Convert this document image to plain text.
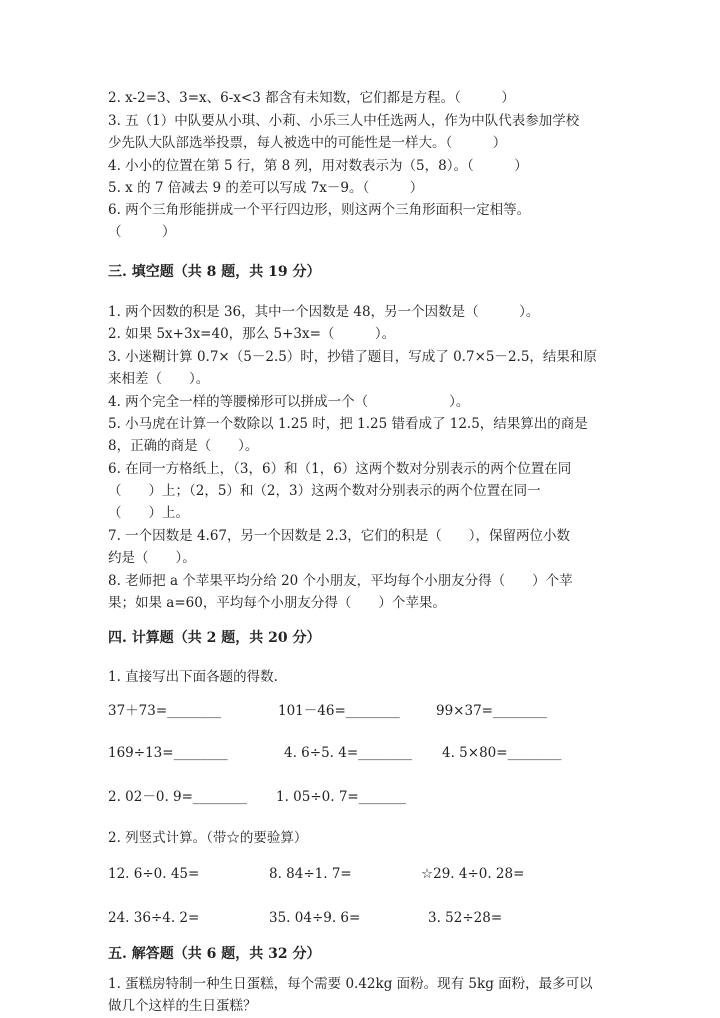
2. x-2=3、3=x、6-x<3 都含有未知数，它们都是方程。（　　　）
3. 五（1）中队要从小琪、小莉、小乐三人中任选两人，作为中队代表参加学校
少先队大队部选举投票，每人被选中的可能性是一样大。（　　　）
4. 小小的位置在第 5 行，第 8 列，用对数表示为（5，8）。（　　　）
5. x 的 7 倍减去 9 的差可以写成 7x－9。（　　　）
6. 两个三角形能拼成一个平行四边形，则这两个三角形面积一定相等。
（　　　）
三. 填空题（共 8 题，共 19 分）
1. 两个因数的积是 36，其中一个因数是 48，另一个因数是（　　　）。
2. 如果 5x+3x=40，那么 5+3x=（　　　）。
3. 小迷糊计算 0.7×（5－2.5）时，抄错了题目，写成了 0.7×5－2.5，结果和原
来相差（　　）。
4. 两个完全一样的等腰梯形可以拼成一个（　　　　　　）。
5. 小马虎在计算一个数除以 1.25 时，把 1.25 错看成了 12.5，结果算出的商是
8，正确的商是（　　）。
6. 在同一方格纸上，（3，6）和（1，6）这两个数对分别表示的两个位置在同
（　　）上；（2，5）和（2，3）这两个数对分别表示的两个位置在同一
（　　）上。
7. 一个因数是 4.67，另一个因数是 2.3，它们的积是（　　），保留两位小数
约是（　　）。
8. 老师把 a 个苹果平均分给 20 个小朋友，平均每个小朋友分得（　　）个苹
果；如果 a=60，平均每个小朋友分得（　　）个苹果。
四. 计算题（共 2 题，共 20 分）
1. 直接写出下面各题的得数.
37＋73=________	101－46=________	99×37=________
169÷13=________	4. 6÷5. 4=________ 4. 5×80=________
2. 02－0. 9=________ 1. 05÷0. 7=_______
2. 列竖式计算。（带☆的要验算）
12. 6÷0. 45=	8. 84÷1. 7=	☆29. 4÷0. 28=
24. 36÷4. 2=	35. 04÷9. 6=	3. 52÷28=
五. 解答题（共 6 题，共 32 分）
1. 蛋糕房特制一种生日蛋糕，每个需要 0.42kg 面粉。现有 5kg 面粉，最多可以
做几个这样的生日蛋糕？
